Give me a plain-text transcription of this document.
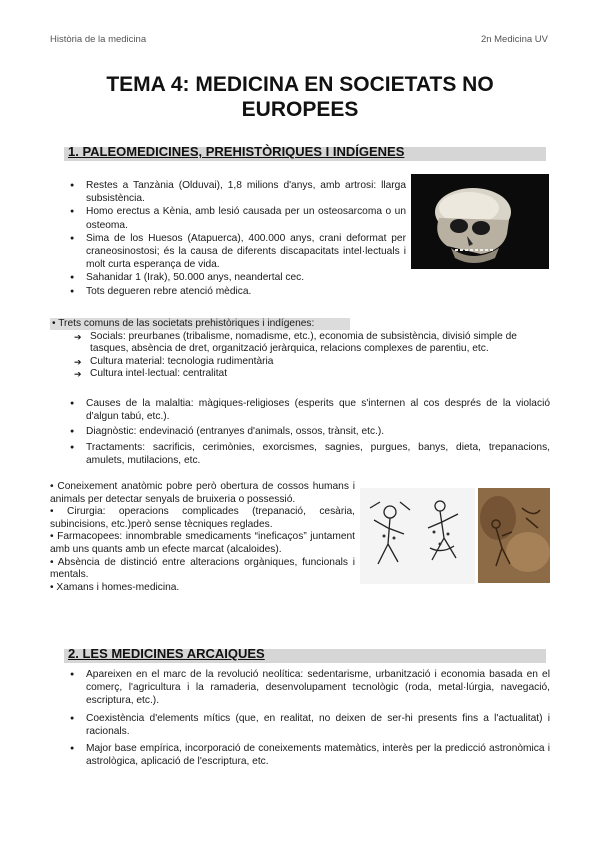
Història de la medicina	2n Medicina UV
TEMA 4: MEDICINA EN SOCIETATS NO
EUROPEES
1. PALEOMEDICINES, PREHISTÒRIQUES I INDÍGENES
● Restes a Tanzània (Olduvai), 1,8 milions d'anys, amb artrosi: llarga subsistència.
● Homo erectus a Kènia, amb lesió causada per un osteosarcoma o un osteoma.
● Sima de los Huesos (Atapuerca), 400.000 anys, crani deformat per craneosinostosi; és la causa de diferents discapacitats intel·lectuals i molt curta esperança de vida.
● Sahanidar 1 (Irak), 50.000 anys, neandertal cec.
● Tots degueren rebre atenció mèdica.
• Trets comuns de las societats prehistòriques i indígenes:
➔ Socials: preurbanes (tribalisme, nomadisme, etc.), economia de subsistència, divisió simple de tasques, absència de dret, organització jeràrquica, relacions complexes de parentiu, etc.
➔ Cultura material: tecnologia rudimentària
➔ Cultura intel·lectual: centralitat
● Causes de la malaltia: màgiques-religioses (esperits que s'internen al cos després de la violació d'algun tabú, etc.).
● Diagnòstic: endevinació (entranyes d'animals, ossos, trànsit, etc.).
● Tractaments: sacrificis, cerimònies, exorcismes, sagnies, purgues, banys, dieta, trepanacions, amulets, mutilacions, etc.
• Coneixement anatòmic pobre però obertura de cossos humans i animals per detectar senyals de bruixeria o possessió.
• Cirurgia: operacions complicades (trepanació, cesària, subincisions, etc.)però sense tècniques reglades.
• Farmacopees: innombrable smedicaments “ineficaços” juntament amb uns quants amb un efecte marcat (alcaloides).
• Absència de distinció entre alteracions orgàniques, funcionals i mentals.
• Xamans i homes-medicina.
2. LES MEDICINES ARCAIQUES
● Apareixen en el marc de la revolució neolítica: sedentarisme, urbanització i economia basada en el comerç, l'agricultura i la ramaderia, desenvolupament tecnològic (roda, metal·lúrgia, navegació, escriptura, etc.).
● Coexistència d'elements mítics (que, en realitat, no deixen de ser-hi presents fins a l'actualitat) i racionals.
● Major base empírica, incorporació de coneixements matemàtics, interès per la predicció astronòmica i astrològica, aplicació de l'escriptura, etc.
